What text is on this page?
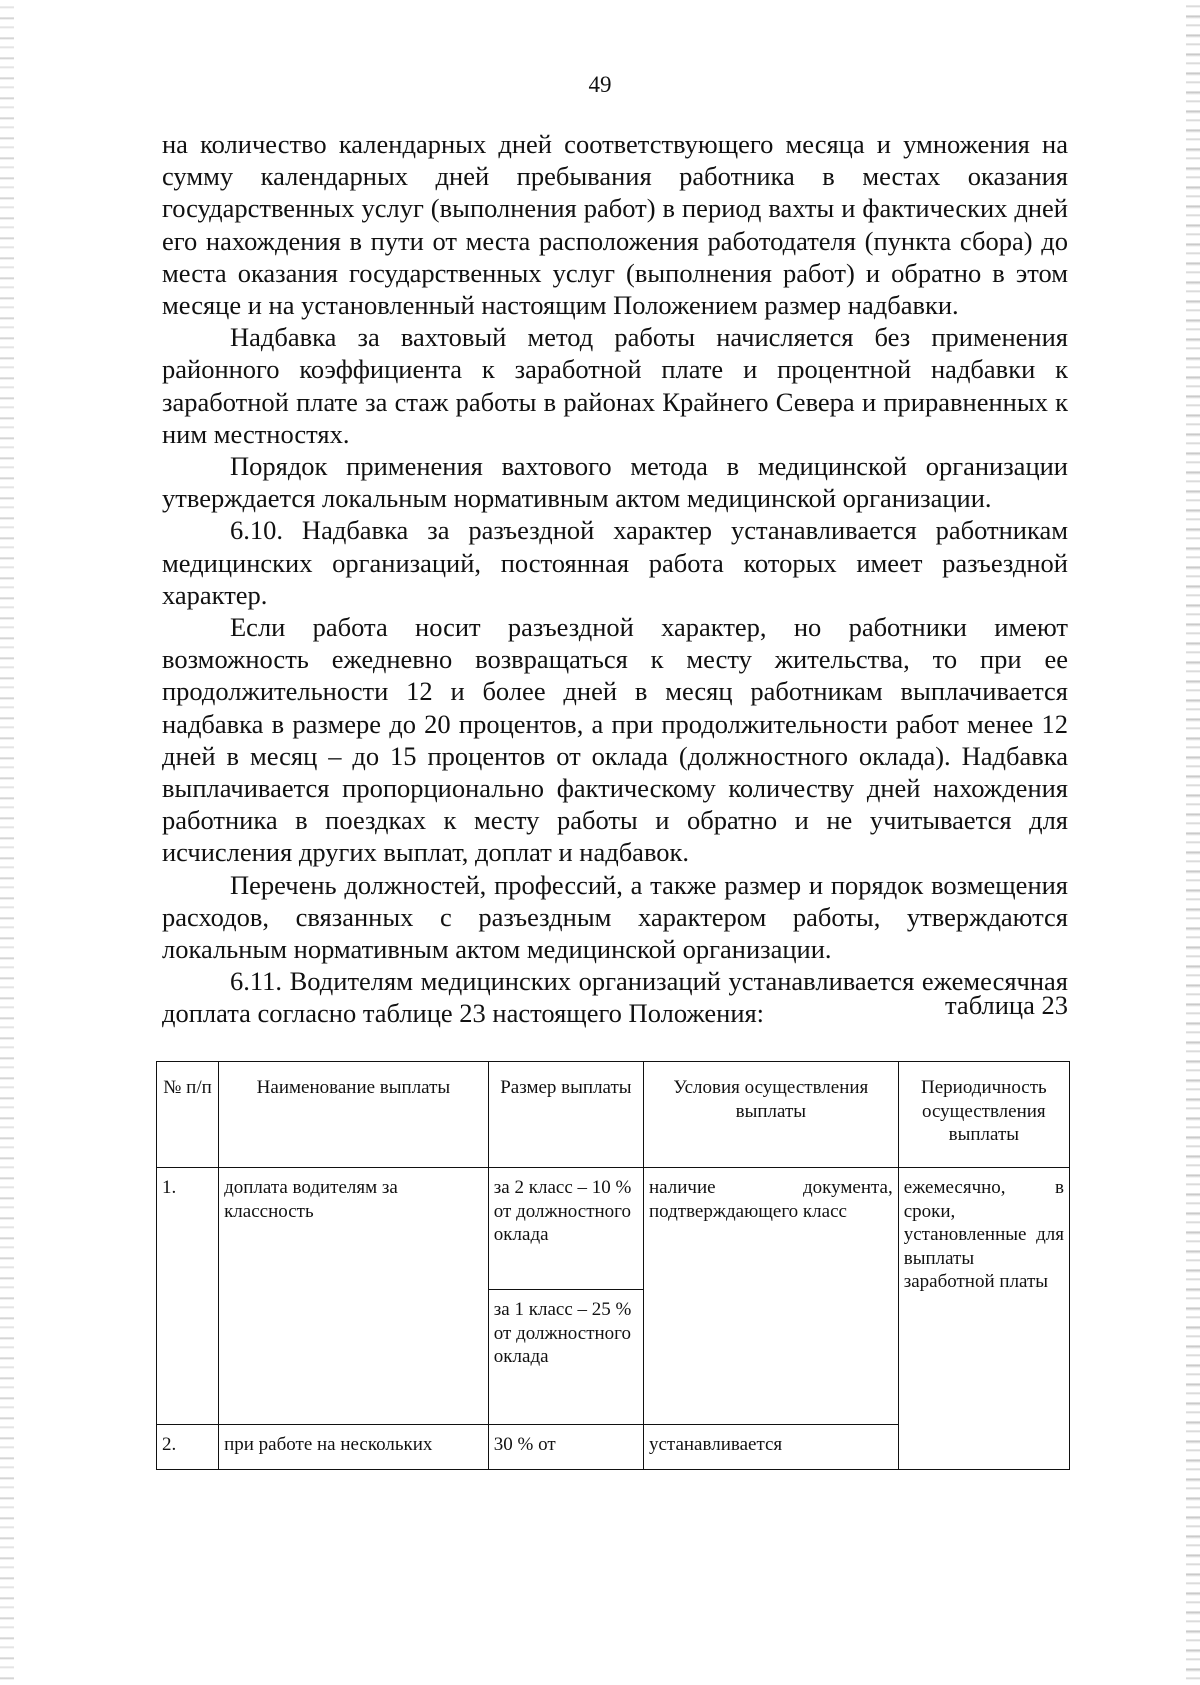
49

на количество календарных дней соответствующего месяца и умножения на сумму календарных дней пребывания работника в местах оказания государственных услуг (выполнения работ) в период вахты и фактических дней его нахождения в пути от места расположения работодателя (пункта сбора) до места оказания государственных услуг (выполнения работ) и обратно в этом месяце и на установленный настоящим Положением размер надбавки.

Надбавка за вахтовый метод работы начисляется без применения районного коэффициента к заработной плате и процентной надбавки к заработной плате за стаж работы в районах Крайнего Севера и приравненных к ним местностях.

Порядок применения вахтового метода в медицинской организации утверждается локальным нормативным актом медицинской организации.

6.10. Надбавка за разъездной характер устанавливается работникам медицинских организаций, постоянная работа которых имеет разъездной характер.

Если работа носит разъездной характер, но работники имеют возможность ежедневно возвращаться к месту жительства, то при ее продолжительности 12 и более дней в месяц работникам выплачивается надбавка в размере до 20 процентов, а при продолжительности работ менее 12 дней в месяц – до 15 процентов от оклада (должностного оклада). Надбавка выплачивается пропорционально фактическому количеству дней нахождения работника в поездках к месту работы и обратно и не учитывается для исчисления других выплат, доплат и надбавок.

Перечень должностей, профессий, а также размер и порядок возмещения расходов, связанных с разъездным характером работы, утверждаются локальным нормативным актом медицинской организации.

6.11. Водителям медицинских организаций устанавливается ежемесячная доплата согласно таблице 23 настоящего Положения:	таблица 23
№ п/п	Наименование выплаты	Размер выплаты	Условия осуществления выплаты	Периодичность осуществления выплаты
1.	доплата водителям за классность	за 2 класс – 10 % от должностного оклада	наличие документа, подтверждающего класс	ежемесячно, в сроки, установленные для выплаты заработной платы
		за 1 класс – 25 % от должностного оклада		
2.	при работе на нескольких	30 % от	устанавливается	
